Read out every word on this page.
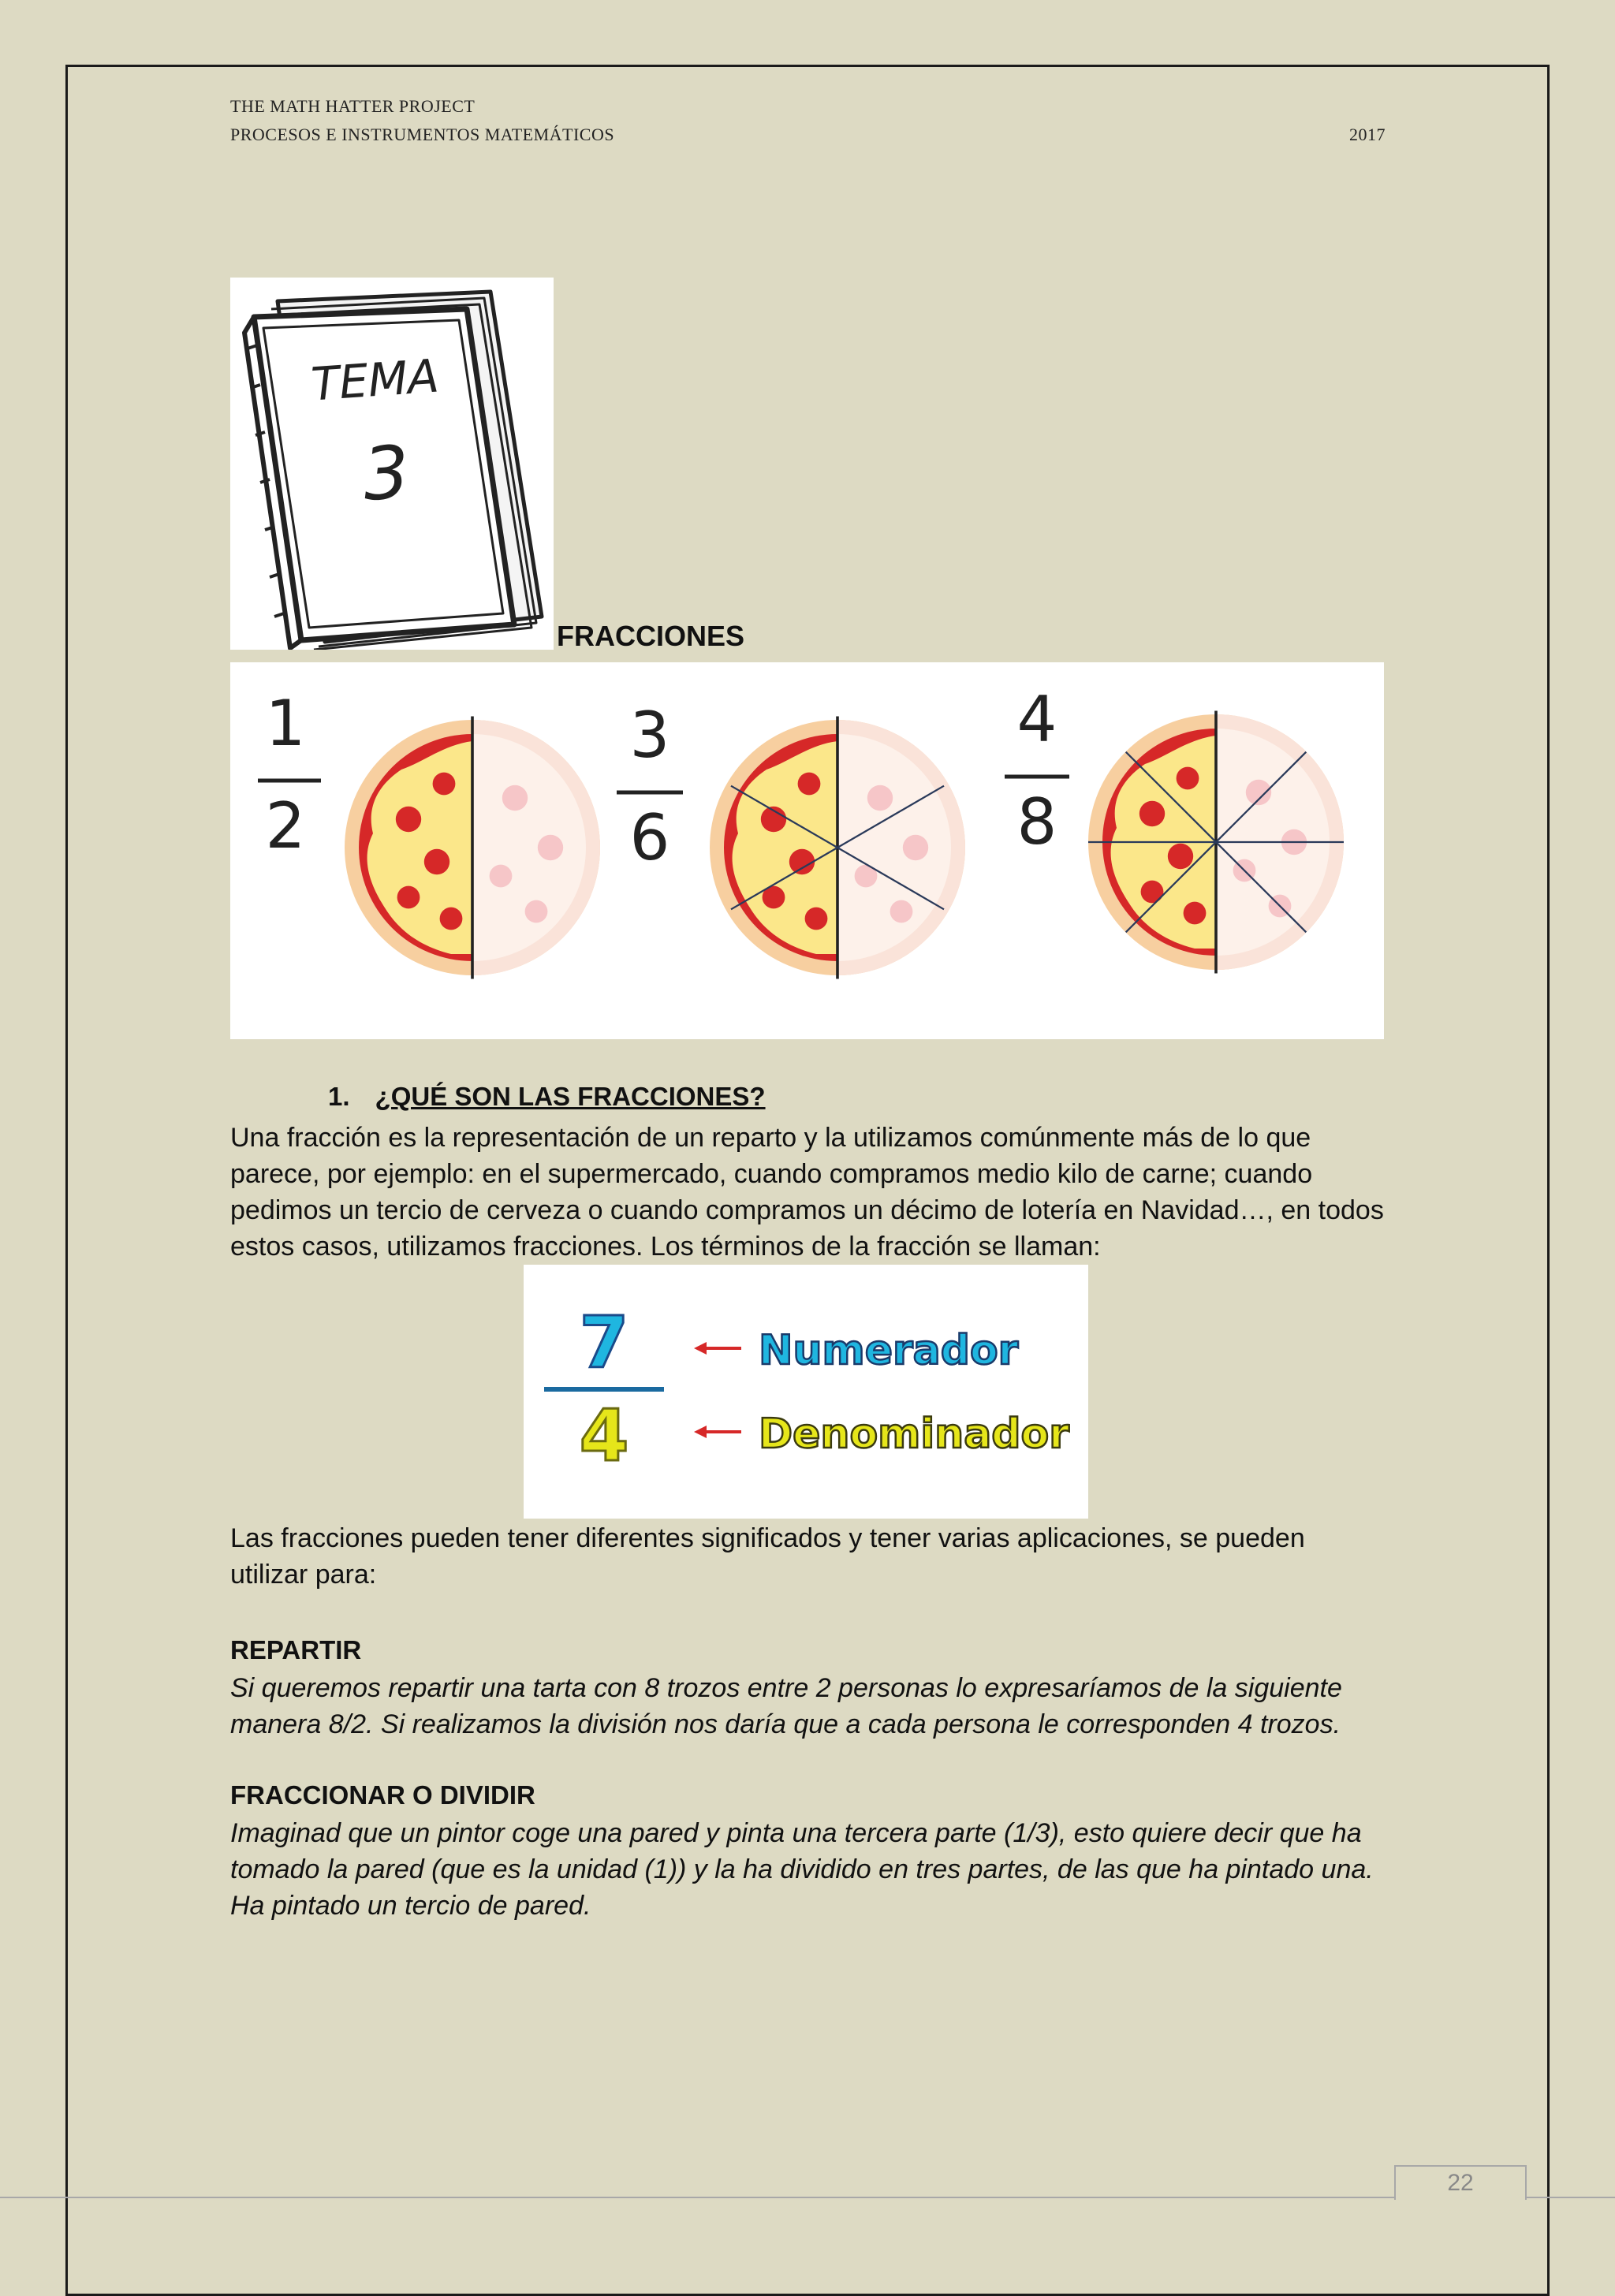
THE MATH HATTER PROJECT
PROCESOS E INSTRUMENTOS MATEMÁTICOS	2017
TEMA
3
FRACCIONES
1
2
3
6
4
8
1. ¿QUÉ SON LAS FRACCIONES?
Una fracción es la representación de un reparto y la utilizamos comúnmente más de lo que parece, por ejemplo: en el supermercado, cuando compramos medio kilo de carne; cuando pedimos un tercio de cerveza o cuando compramos un décimo de lotería en Navidad…, en todos estos casos, utilizamos fracciones. Los términos de la fracción se llaman:
7
4
Numerador
Denominador
Las fracciones pueden tener diferentes significados y tener varias aplicaciones, se pueden utilizar para:
REPARTIR
Si queremos repartir una tarta con 8 trozos entre 2 personas lo expresaríamos de la siguiente manera 8/2. Si realizamos la división nos daría que a cada persona le corresponden 4 trozos.
FRACCIONAR O DIVIDIR
Imaginad que un pintor coge una pared y pinta una tercera parte (1/3), esto quiere decir que ha tomado la pared (que es la unidad (1)) y la ha dividido en tres partes, de las que ha pintado una. Ha pintado un tercio de pared.
22
